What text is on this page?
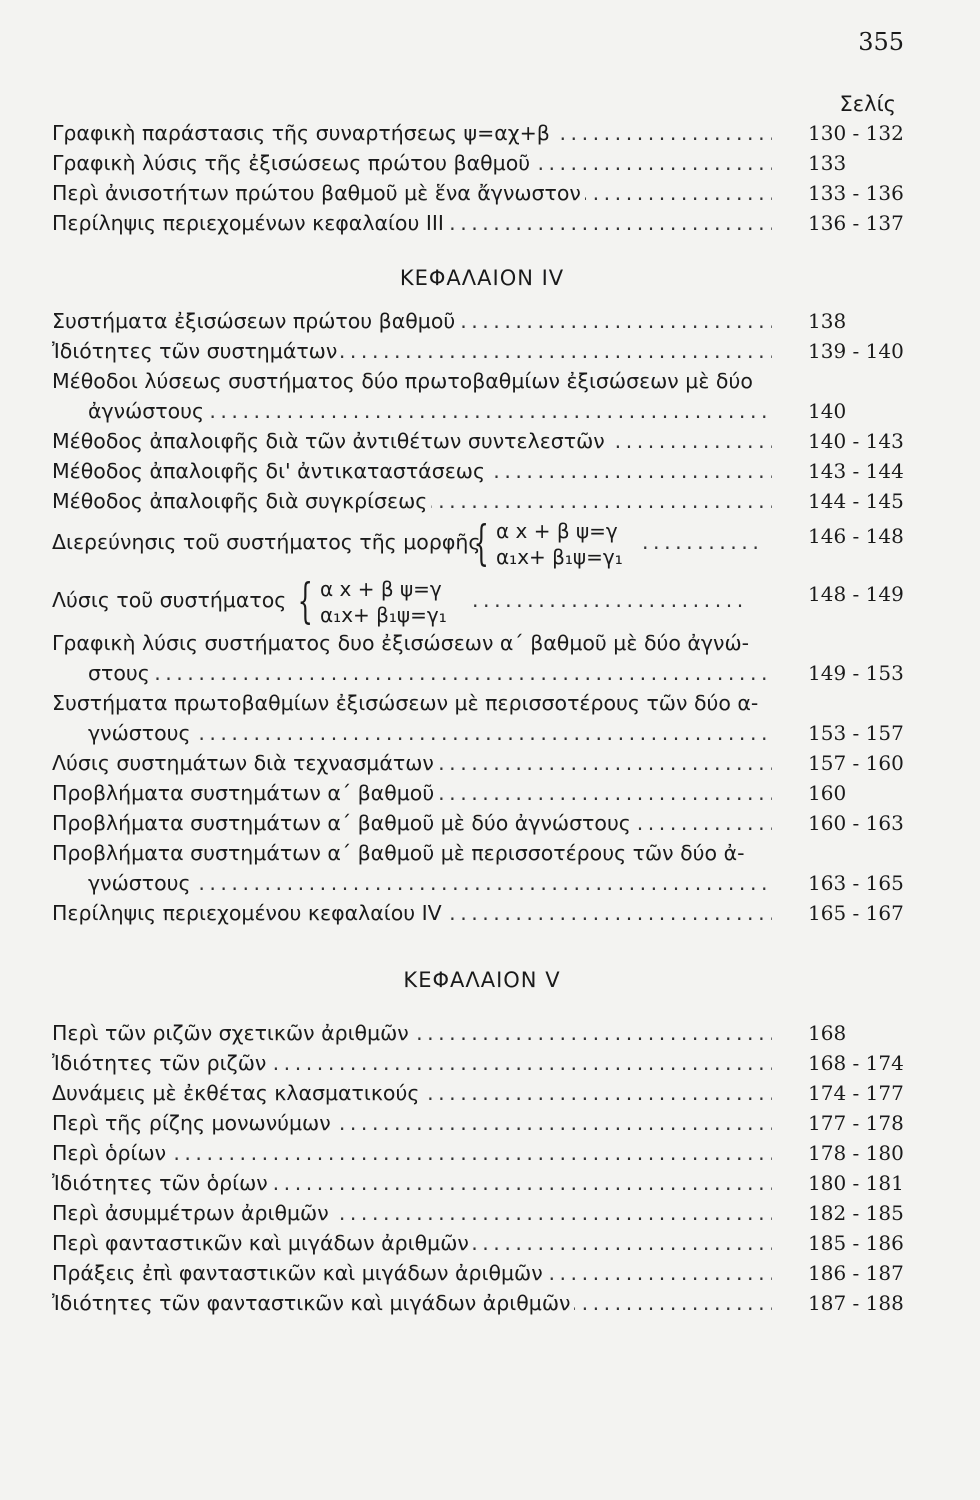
355
Σελίς
Γραφικὴ παράστασις τῆς συναρτήσεως ψ=αχ+β . . .	130 - 132
Γραφικὴ λύσις τῆς ἐξισώσεως πρώτου βαθμοῦ . . .	133
Περὶ ἀνισοτήτων πρώτου βαθμοῦ μὲ ἕνα ἄγνωστον . . .	133 - 136
Περίληψις περιεχομένων κεφαλαίου ΙΙΙ . . .	136 - 137
ΚΕΦΑΛΑΙΟΝ IV
Συστήματα ἐξισώσεων πρώτου βαθμοῦ . . .	138
Ἰδιότητες τῶν συστημάτων . . .	139 - 140
Μέθοδοι λύσεως συστήματος δύο πρωτοβαθμίων ἐξισώσεων μὲ δύο
ἀγνώστους . . .	140
Μέθοδος ἀπαλοιφῆς διὰ τῶν ἀντιθέτων συντελεστῶν . . .	140 - 143
Μέθοδος ἀπαλοιφῆς δι' ἀντικαταστάσεως . . .	143 - 144
Μέθοδος ἀπαλοιφῆς διὰ συγκρίσεως . . .	144 - 145
Διερεύνησις τοῦ συστήματος τῆς μορφῆς
{ α x + β ψ=γ
α₁x+ β₁ψ=γ₁
. . . . . . . . . . .	146 - 148
Λύσις τοῦ συστήματος { α x + β ψ=γ
α₁x+ β₁ψ=γ₁
. . . . . . . . . . . . . . . . . . . . . . . . .	148 - 149
Γραφικὴ λύσις συστήματος δυο ἐξισώσεων α΄ βαθμοῦ μὲ δύο ἀγνώ-
στους . . .	149 - 153
Συστήματα πρωτοβαθμίων ἐξισώσεων μὲ περισσοτέρους τῶν δύο α-
γνώστους . . .	153 - 157
Λύσις συστημάτων διὰ τεχνασμάτων . . .	157 - 160
Προβλήματα συστημάτων α΄ βαθμοῦ . . .	160
Προβλήματα συστημάτων α΄ βαθμοῦ μὲ δύο ἀγνώστους . . .	160 - 163
Προβλήματα συστημάτων α΄ βαθμοῦ μὲ περισσοτέρους τῶν δύο ἀ-
γνώστους . . .	163 - 165
Περίληψις περιεχομένου κεφαλαίου IV . . .	165 - 167
ΚΕΦΑΛΑΙΟΝ V
Περὶ τῶν ριζῶν σχετικῶν ἀριθμῶν . . .	168
Ἰδιότητες τῶν ριζῶν . . .	168 - 174
Δυνάμεις μὲ ἐκθέτας κλασματικούς . . .	174 - 177
Περὶ τῆς ρίζης μονωνύμων . . .	177 - 178
Περὶ ὁρίων . . .	178 - 180
Ἰδιότητες τῶν ὁρίων . . .	180 - 181
Περὶ ἀσυμμέτρων ἀριθμῶν . . .	182 - 185
Περὶ φανταστικῶν καὶ μιγάδων ἀριθμῶν . . .	185 - 186
Πράξεις ἐπὶ φανταστικῶν καὶ μιγάδων ἀριθμῶν . . .	186 - 187
Ἰδιότητες τῶν φανταστικῶν καὶ μιγάδων ἀριθμῶν . . .	187 - 188
